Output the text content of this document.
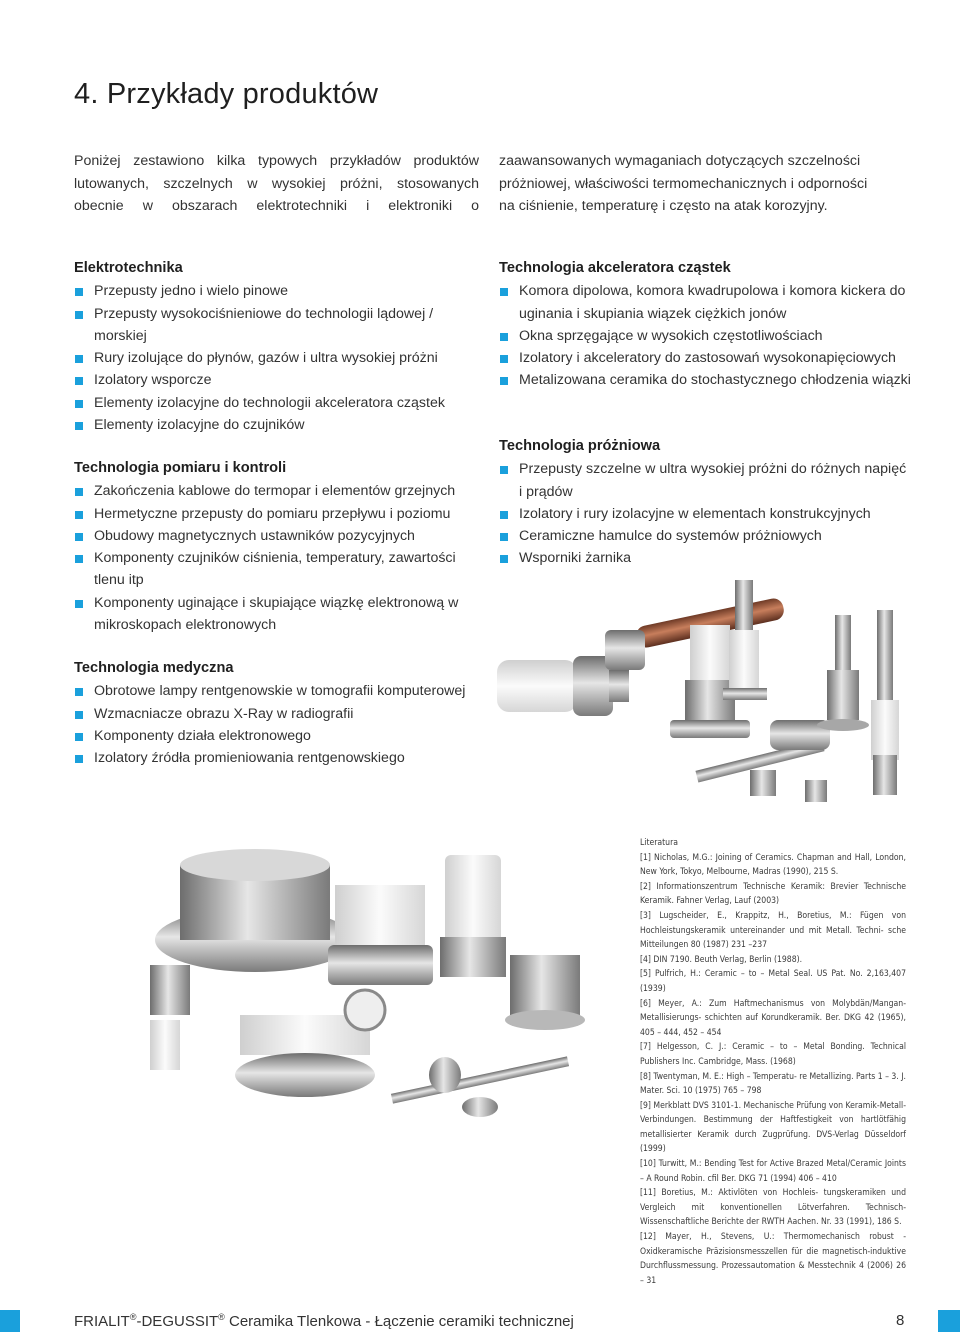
4. Przykłady produktów
Poniżej zestawiono kilka typowych przykładów produktów
lutowanych, szczelnych w wysokiej próżni, stosowanych
obecnie w obszarach elektrotechniki i elektroniki o
zaawansowanych wymaganiach dotyczących szczelności
próżniowej, właściwości termomechanicznych i odporności
na ciśnienie, temperaturę i często na atak korozyjny.
Elektrotechnika
Przepusty jedno i wielo pinowe
Przepusty wysokociśnieniowe do technologii lądowej / morskiej
Rury izolujące do płynów, gazów i ultra wysokiej próżni
Izolatory wsporcze
Elementy izolacyjne do technologii akceleratora cząstek
Elementy izolacyjne do czujników
Technologia pomiaru i kontroli
Zakończenia kablowe do termopar i elementów grzejnych
Hermetyczne przepusty do pomiaru przepływu i poziomu
Obudowy magnetycznych ustawników pozycyjnych
Komponenty czujników ciśnienia, temperatury, zawartości tlenu itp
Komponenty uginające i skupiające wiązkę elektronową w mikroskopach elektronowych
Technologia medyczna
Obrotowe lampy rentgenowskie w tomografii komputerowej
Wzmacniacze obrazu X-Ray w radiografii
Komponenty działa elektronowego
Izolatory źródła promieniowania rentgenowskiego
Technologia akceleratora cząstek
Komora dipolowa, komora kwadrupolowa i komora kickera do uginania i skupiania wiązek ciężkich jonów
Okna sprzęgające w wysokich częstotliwościach
Izolatory i akceleratory do zastosowań wysokonapięciowych
Metalizowana ceramika do stochastycznego chłodzenia wiązki
Technologia próżniowa
Przepusty szczelne w ultra wysokiej próżni do różnych napięć i prądów
Izolatory i rury izolacyjne w elementach konstrukcyjnych
Ceramiczne hamulce do systemów próżniowych
Wsporniki żarnika
Literatura
[1] Nicholas, M.G.: Joining of Ceramics. Chapman and Hall, London, New York, Tokyo, Melbourne, Madras (1990), 215 S.
[2] Informationszentrum Technische Keramik: Brevier Technische Keramik. Fahner Verlag, Lauf (2003)
[3] Lugscheider, E., Krappitz, H., Boretius, M.: Fügen von Hochleistungskeramik untereinander und mit Metall. Techni- sche Mitteilungen 80 (1987) 231 –237
[4] DIN 7190. Beuth Verlag, Berlin (1988).
[5] Pulfrich, H.: Ceramic – to – Metal Seal. US Pat. No. 2,163,407 (1939)
[6] Meyer, A.: Zum Haftmechanismus von Molybdän/Mangan-Metallisierungs- schichten auf Korundkeramik. Ber. DKG 42 (1965), 405 – 444, 452 – 454
[7] Helgesson, C. J.: Ceramic – to – Metal Bonding. Technical Publishers Inc. Cambridge, Mass. (1968)
[8] Twentyman, M. E.: High – Temperatu- re Metallizing. Parts 1 – 3. J. Mater. Sci. 10 (1975) 765 – 798
[9] Merkblatt DVS 3101-1. Mechanische Prüfung von Keramik-Metall-Verbindungen. Bestimmung der Haftfestigkeit von hartlötfähig metallisierter Keramik durch Zugprüfung. DVS-Verlag Düsseldorf (1999)
[10] Turwitt, M.: Bending Test for Active Brazed Metal/Ceramic Joints – A Round Robin. cfil Ber. DKG 71 (1994) 406 – 410
[11] Boretius, M.: Aktivlöten von Hochleis- tungskeramiken und Vergleich mit konventionellen Lötverfahren. Technisch-Wissenschaftliche Berichte der RWTH Aachen. Nr. 33 (1991), 186 S.
[12] Mayer, H., Stevens, U.: Thermomechanisch robust - Oxidkeramische Präzisionsmesszellen für die magnetisch-induktive Durchflussmessung. Prozessautomation & Messtechnik 4 (2006) 26 – 31
FRIALIT®-DEGUSSIT® Ceramika Tlenkowa - Łączenie ceramiki technicznej	8
